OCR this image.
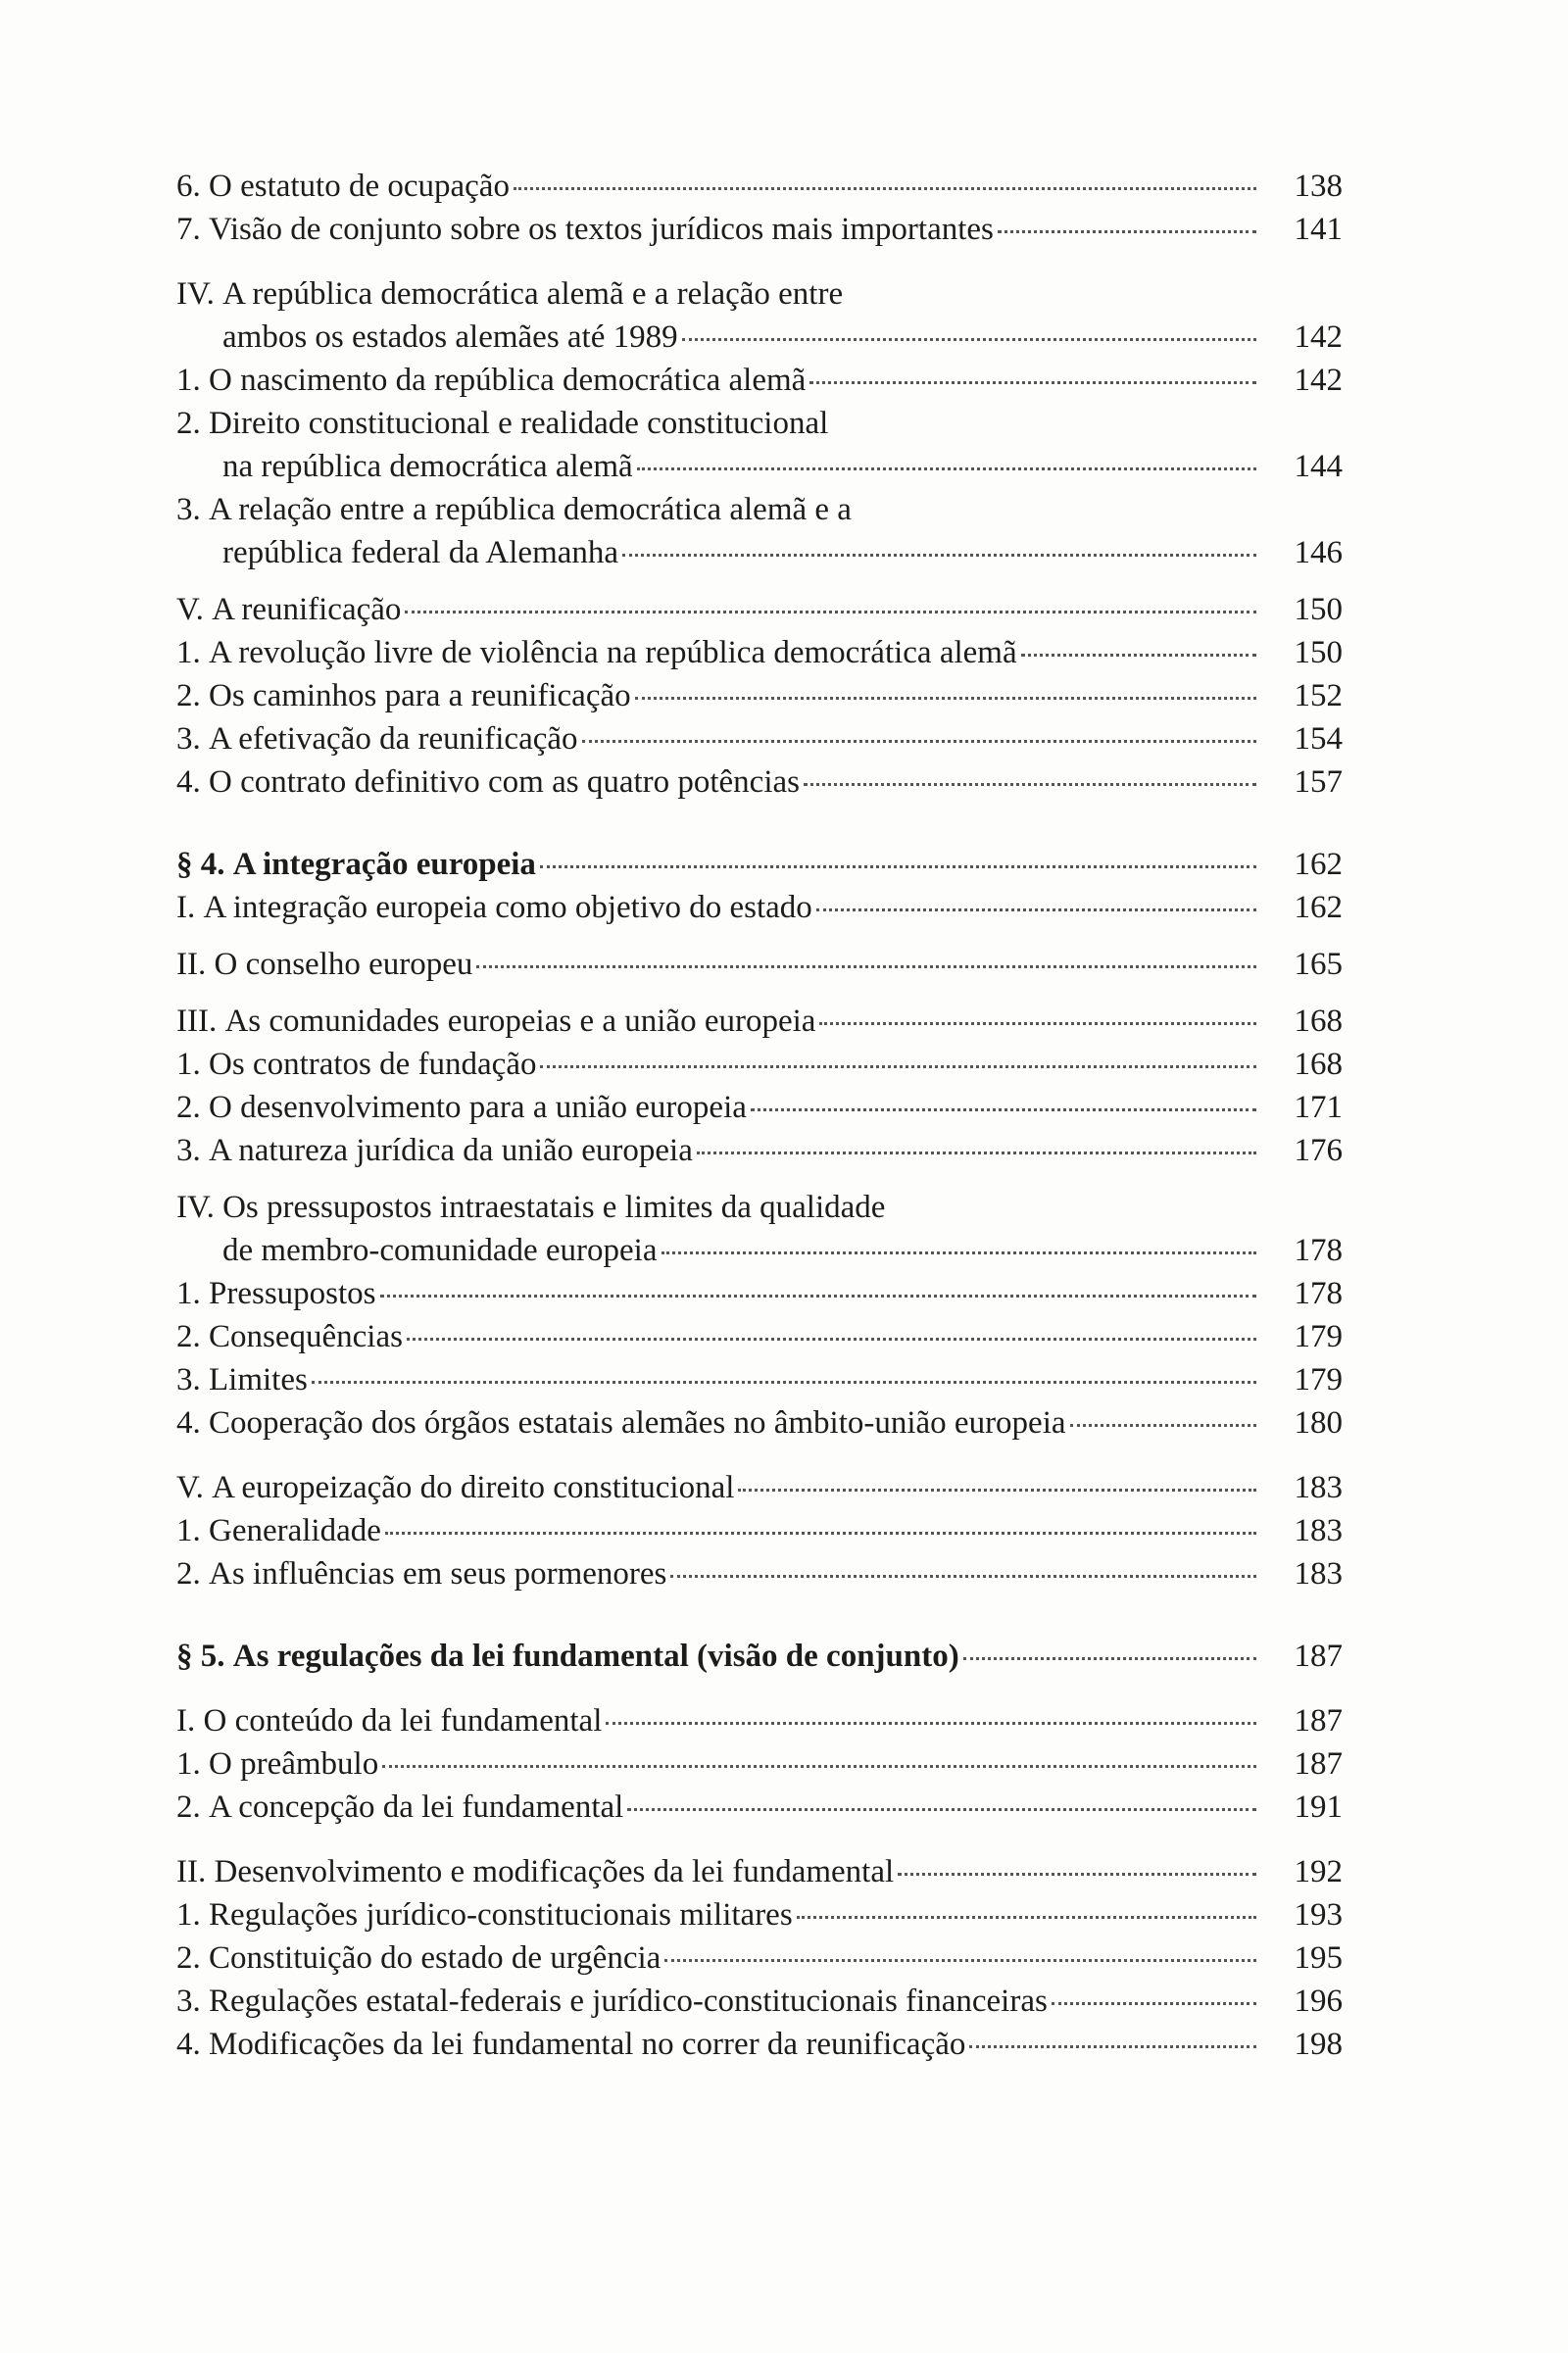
6. O estatuto de ocupação	138
7. Visão de conjunto sobre os textos jurídicos mais importantes	141
IV. A república democrática alemã e a relação entre
ambos os estados alemães até 1989	142
1. O nascimento da república democrática alemã	142
2. Direito constitucional e realidade constitucional
na república democrática alemã	144
3. A relação entre a república democrática alemã e a
república federal da Alemanha	146
V. A reunificação	150
1. A revolução livre de violência na república democrática alemã	150
2. Os caminhos para a reunificação	152
3. A efetivação da reunificação	154
4. O contrato definitivo com as quatro potências	157
§ 4. A integração europeia	162
I. A integração europeia como objetivo do estado	162
II. O conselho europeu	165
III. As comunidades europeias e a união europeia	168
1. Os contratos de fundação	168
2. O desenvolvimento para a união europeia	171
3. A natureza jurídica da união europeia	176
IV. Os pressupostos intraestatais e limites da qualidade
de membro-comunidade europeia	178
1. Pressupostos	178
2. Consequências	179
3. Limites	179
4. Cooperação dos órgãos estatais alemães no âmbito-união europeia	180
V. A europeização do direito constitucional	183
1. Generalidade	183
2. As influências em seus pormenores	183
§ 5. As regulações da lei fundamental (visão de conjunto)	187
I. O conteúdo da lei fundamental	187
1. O preâmbulo	187
2. A concepção da lei fundamental	191
II. Desenvolvimento e modificações da lei fundamental	192
1. Regulações jurídico-constitucionais militares	193
2. Constituição do estado de urgência	195
3. Regulações estatal-federais e jurídico-constitucionais financeiras	196
4. Modificações da lei fundamental no correr da reunificação	198
